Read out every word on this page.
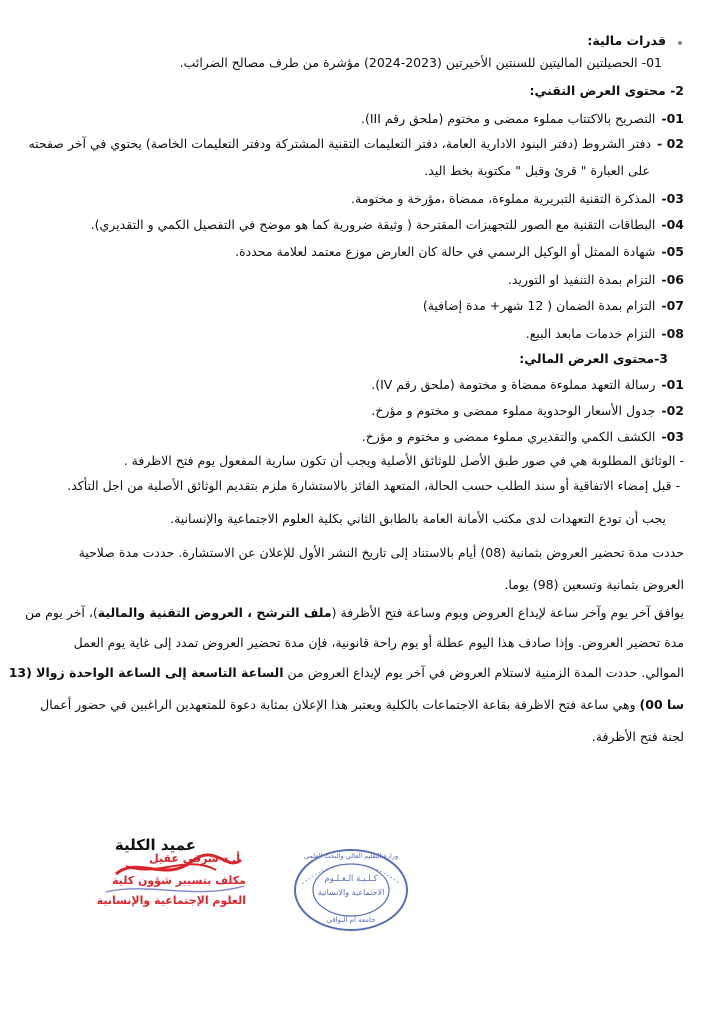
قدرات مالية:
01- الحصيلتين الماليتين للسنتين الأخيرتين (2023-2024) مؤشرة من طرف مصالح الضرائب.
2- محتوى العرض التقني:
01-التصريح بالاكتتاب مملوء ممضى و مختوم (ملحق رقم III).
02 -دفتر الشروط (دفتر البنود الادارية العامة، دفتر التعليمات التقنية المشتركة ودفتر التعليمات الخاصة) يحتوي في آخر صفحته
على العبارة " قرئ وقبل " مكتوبة بخط اليد.
03-المذكرة التقنية التبريرية مملوءة، ممضاة ،مؤرخة و مختومة.
04-البطاقات التقنية مع الصور للتجهيزات المقترحة ( وثيقة ضرورية كما هو موضح في التفصيل الكمي و التقديري).
05-شهادة الممثل أو الوكيل الرسمي في حالة كان العارض موزع معتمد لعلامة محددة.
06-التزام بمدة التنفيذ او التوريد.
07-التزام بمدة الضمان ( 12 شهر+ مدة إضافية)
08-التزام خدمات مابعد البيع.
3-محتوى العرض المالي:
01-رسالة التعهد مملوءة ممضاة و مختومة (ملحق رقم IV).
02-جدول الأسعار الوحدوية مملوء ممضى و مختوم و مؤرخ.
03-الكشف الكمي والتقديري مملوء ممضى و مختوم و مؤرخ.
- الوثائق المطلوبة هي في صور طبق الأصل للوثائق الأصلية ويجب أن تكون سارية المفعول يوم فتح الاظرفة .
- قبل إمضاء الاتفاقية أو سند الطلب حسب الحالة، المتعهد الفائز بالاستشارة ملزم بتقديم الوثائق الأصلية من اجل التأكد.
يجب أن تودع التعهدات لدى مكتب الأمانة العامة بالطابق الثاني بكلية العلوم الاجتماعية والإنسانية.
حددت مدة تحضير العروض بثمانية (08) أيام بالاستناد إلى تاريخ النشر الأول للإعلان عن الاستشارة. حددت مدة صلاحية
العروض بثمانية وتسعين (98) يوما.
يوافق آخر يوم وآخر ساعة لإيداع العروض ويوم وساعة فتح الأظرفة (ملف الترشح ، العروض التقنية والمالية)، آخر يوم من
مدة تحضير العروض. وإذا صادف هذا اليوم عطلة أو يوم راحة قانونية، فإن مدة تحضير العروض تمدد إلى غاية يوم العمل
الموالي. حددت المدة الزمنية لاستلام العروض في آخر يوم لإيداع العروض من الساعة التاسعة إلى الساعة الواحدة زوالا (13
سا 00) وهي ساعة فتح الاظرفة بقاعة الاجتماعات بالكلية ويعتبر هذا الإعلان بمثابة دعوة للمتعهدين الراغبين في حضور أعمال
لجنة فتح الأظرفة.
عميد الكلية
أ. د شرقي عقيل
مكلف بتسيير شؤون كلية
العلوم الإجتماعية والإنسانية
كـلـيـة الـعـلـوم
الاجتماعية والانسانية
جامعة ام البواقي
وزارة التعليم العالي والبحث العلمي
